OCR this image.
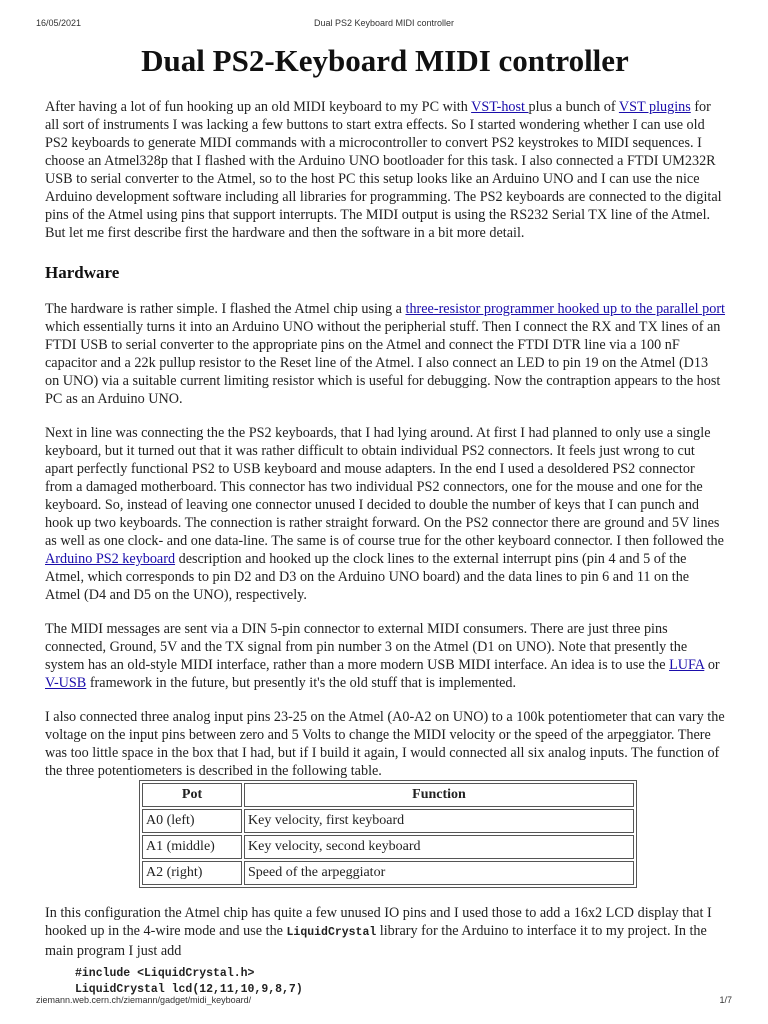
16/05/2021	Dual PS2 Keyboard MIDI controller
Dual PS2-Keyboard MIDI controller

After having a lot of fun hooking up an old MIDI keyboard to my PC with VST-host plus a bunch of VST plugins for all sort of instruments I was lacking a few buttons to start extra effects. So I started wondering whether I can use old PS2 keyboards to generate MIDI commands with a microcontroller to convert PS2 keystrokes to MIDI sequences. I choose an Atmel328p that I flashed with the Arduino UNO bootloader for this task. I also connected a FTDI UM232R USB to serial converter to the Atmel, so to the host PC this setup looks like an Arduino UNO and I can use the nice Arduino development software including all libraries for programming. The PS2 keyboards are connected to the digital pins of the Atmel using pins that support interrupts. The MIDI output is using the RS232 Serial TX line of the Atmel. But let me first describe first the hardware and then the software in a bit more detail.

Hardware

The hardware is rather simple. I flashed the Atmel chip using a three-resistor programmer hooked up to the parallel port which essentially turns it into an Arduino UNO without the peripherial stuff. Then I connect the RX and TX lines of an FTDI USB to serial converter to the appropriate pins on the Atmel and connect the FTDI DTR line via a 100 nF capacitor and a 22k pullup resistor to the Reset line of the Atmel. I also connect an LED to pin 19 on the Atmel (D13 on UNO) via a suitable current limiting resistor which is useful for debugging. Now the contraption appears to the host PC as an Arduino UNO.

Next in line was connecting the the PS2 keyboards, that I had lying around. At first I had planned to only use a single keyboard, but it turned out that it was rather difficult to obtain individual PS2 connectors. It feels just wrong to cut apart perfectly functional PS2 to USB keyboard and mouse adapters. In the end I used a desoldered PS2 connector from a damaged motherboard. This connector has two individual PS2 connectors, one for the mouse and one for the keyboard. So, instead of leaving one connector unused I decided to double the number of keys that I can punch and hook up two keyboards. The connection is rather straight forward. On the PS2 connector there are ground and 5V lines as well as one clock- and one data-line. The same is of course true for the other keyboard connector. I then followed the Arduino PS2 keyboard description and hooked up the clock lines to the external interrupt pins (pin 4 and 5 of the Atmel, which corresponds to pin D2 and D3 on the Arduino UNO board) and the data lines to pin 6 and 11 on the Atmel (D4 and D5 on the UNO), respectively.

The MIDI messages are sent via a DIN 5-pin connector to external MIDI consumers. There are just three pins connected, Ground, 5V and the TX signal from pin number 3 on the Atmel (D1 on UNO). Note that presently the system has an old-style MIDI interface, rather than a more modern USB MIDI interface. An idea is to use the LUFA or V-USB framework in the future, but presently it's the old stuff that is implemented.

I also connected three analog input pins 23-25 on the Atmel (A0-A2 on UNO) to a 100k potentiometer that can vary the voltage on the input pins between zero and 5 Volts to change the MIDI velocity or the speed of the arpeggiator. There was too little space in the box that I had, but if I build it again, I would connected all six analog inputs. The function of the three potentiometers is described in the following table.

Pot	Function
A0 (left)	Key velocity, first keyboard
A1 (middle)	Key velocity, second keyboard
A2 (right)	Speed of the arpeggiator

In this configuration the Atmel chip has quite a few unused IO pins and I used those to add a 16x2 LCD display that I hooked up in the 4-wire mode and use the LiquidCrystal library for the Arduino to interface it to my project. In the main program I just add

#include <LiquidCrystal.h>
LiquidCrystal lcd(12,11,10,9,8,7)
ziemann.web.cern.ch/ziemann/gadget/midi_keyboard/	1/7
